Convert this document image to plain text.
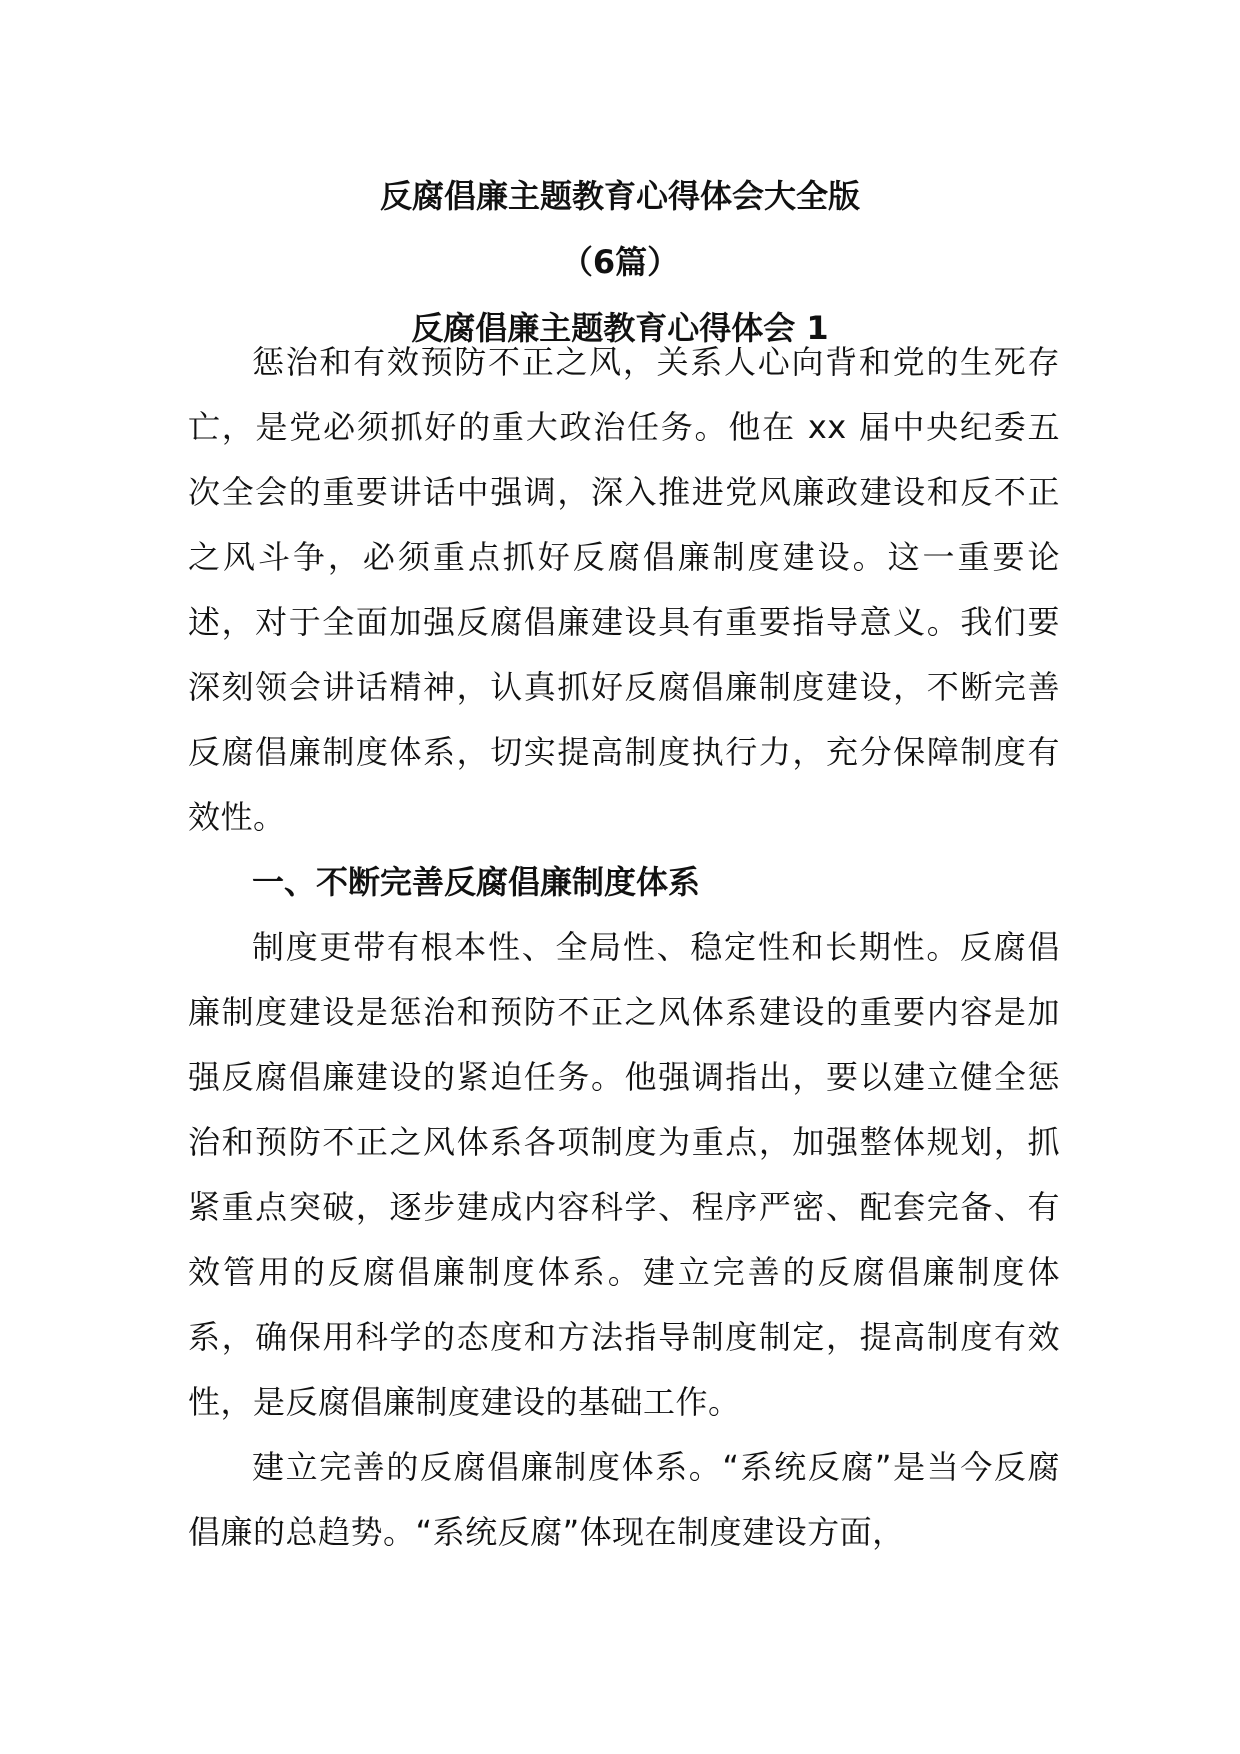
反腐倡廉主题教育心得体会大全版
（6篇）
反腐倡廉主题教育心得体会 1

惩治和有效预防不正之风，关系人心向背和党的生死存亡，是党必须抓好的重大政治任务。他在 xx 届中央纪委五次全会的重要讲话中强调，深入推进党风廉政建设和反不正之风斗争，必须重点抓好反腐倡廉制度建设。这一重要论述，对于全面加强反腐倡廉建设具有重要指导意义。我们要深刻领会讲话精神，认真抓好反腐倡廉制度建设，不断完善反腐倡廉制度体系，切实提高制度执行力，充分保障制度有效性。

一、不断完善反腐倡廉制度体系

制度更带有根本性、全局性、稳定性和长期性。反腐倡廉制度建设是惩治和预防不正之风体系建设的重要内容是加强反腐倡廉建设的紧迫任务。他强调指出，要以建立健全惩治和预防不正之风体系各项制度为重点，加强整体规划，抓紧重点突破，逐步建成内容科学、程序严密、配套完备、有效管用的反腐倡廉制度体系。建立完善的反腐倡廉制度体系，确保用科学的态度和方法指导制度制定，提高制度有效性，是反腐倡廉制度建设的基础工作。

建立完善的反腐倡廉制度体系。“系统反腐”是当今反腐倡廉的总趋势。“系统反腐”体现在制度建设方面，
